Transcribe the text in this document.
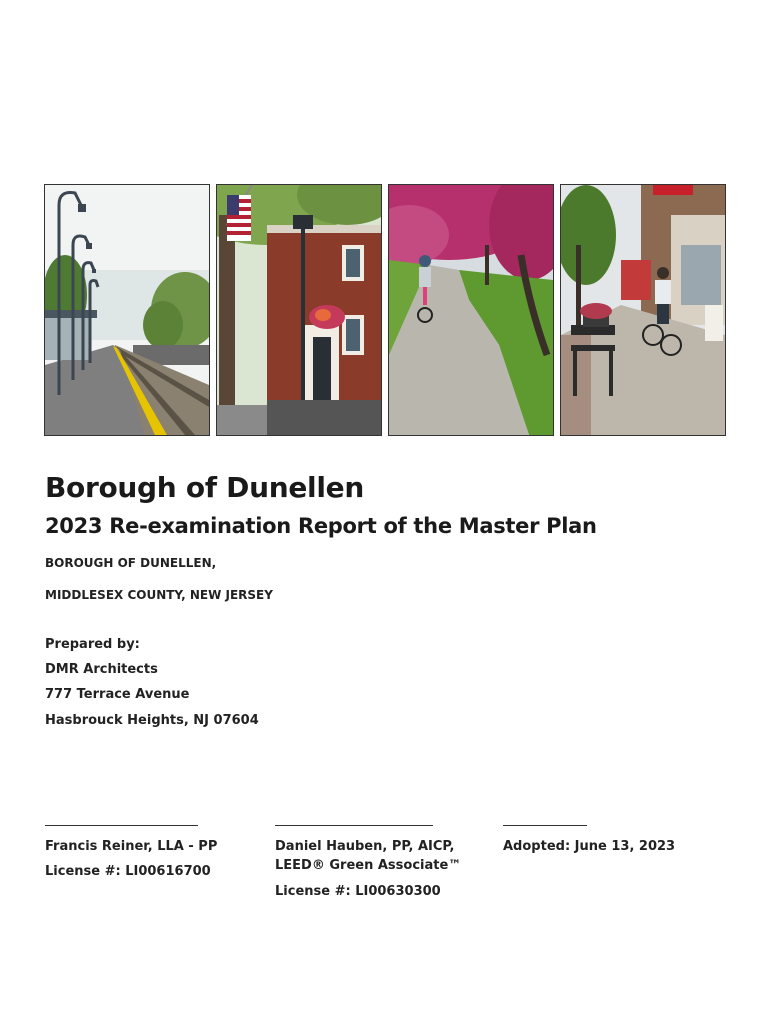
Borough of Dunellen
2023 Re-examination Report of the Master Plan
BOROUGH OF DUNELLEN,
MIDDLESEX COUNTY, NEW JERSEY
Prepared by:
DMR Architects
777 Terrace Avenue
Hasbrouck Heights, NJ 07604
Francis Reiner, LLA - PP
License #: LI00616700
Daniel Hauben, PP, AICP,
LEED® Green Associate™
License #: LI00630300
Adopted: June 13, 2023
